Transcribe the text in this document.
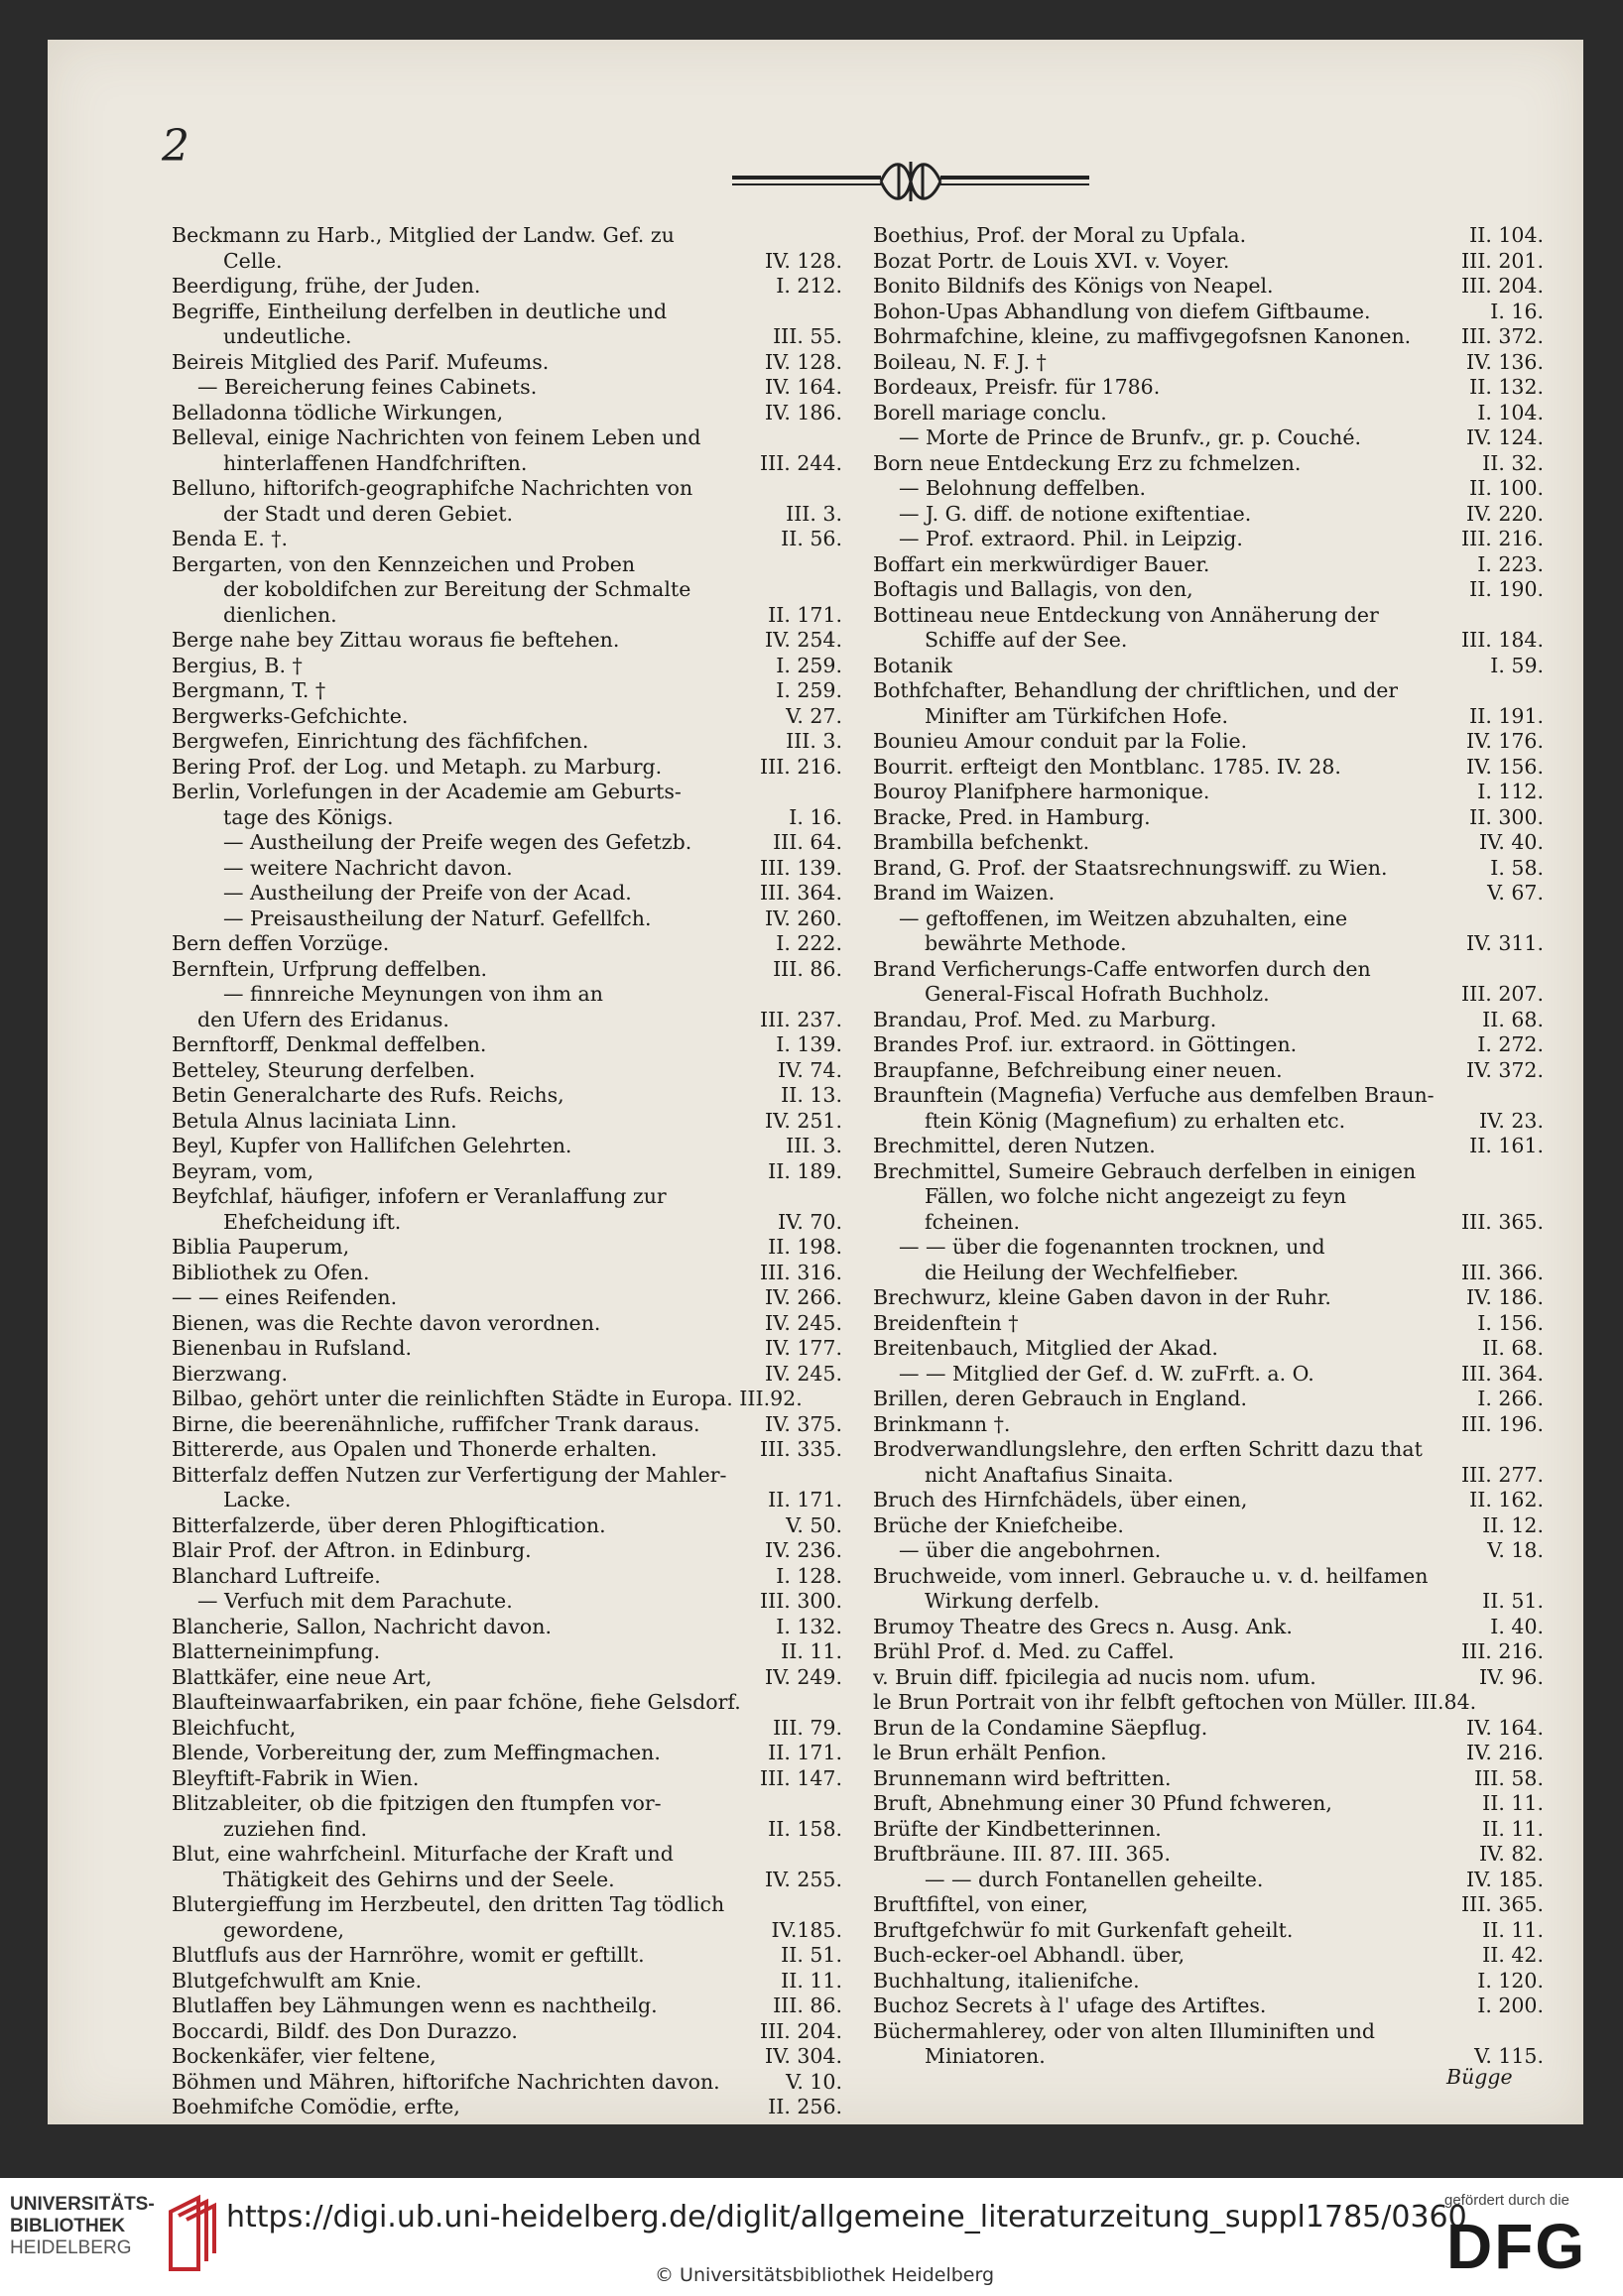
2
Beckmann zu Harb., Mitglied der Landw. Gef. zu
Celle.	IV. 128.
Beerdigung, frühe, der Juden.	I. 212.
Begriffe, Eintheilung derfelben in deutliche und
undeutliche.	III. 55.
Beireis Mitglied des Parif. Mufeums.	IV. 128.
— Bereicherung feines Cabinets.	IV. 164.
Belladonna tödliche Wirkungen,	IV. 186.
Belleval, einige Nachrichten von feinem Leben und
hinterlaffenen Handfchriften.	III. 244.
Belluno, hiftorifch-geographifche Nachrichten von
der Stadt und deren Gebiet.	III. 3.
Benda E. †.	II. 56.
Bergarten, von den Kennzeichen und Proben
der koboldifchen zur Bereitung der Schmalte
dienlichen.	II. 171.
Berge nahe bey Zittau woraus fie beftehen.	IV. 254.
Bergius, B. †	I. 259.
Bergmann, T. †	I. 259.
Bergwerks-Gefchichte.	V. 27.
Bergwefen, Einrichtung des fächfifchen.	III. 3.
Bering Prof. der Log. und Metaph. zu Marburg.	III. 216.
Berlin, Vorlefungen in der Academie am Geburts-
tage des Königs.	I. 16.
— Austheilung der Preife wegen des Gefetzb.	III. 64.
— weitere Nachricht davon.	III. 139.
— Austheilung der Preife von der Acad.	III. 364.
— Preisaustheilung der Naturf. Gefellfch.	IV. 260.
Bern deffen Vorzüge.	I. 222.
Bernftein, Urfprung deffelben.	III. 86.
— finnreiche Meynungen von ihm an
den Ufern des Eridanus.	III. 237.
Bernftorff, Denkmal deffelben.	I. 139.
Betteley, Steurung derfelben.	IV. 74.
Betin Generalcharte des Rufs. Reichs,	II. 13.
Betula Alnus laciniata Linn.	IV. 251.
Beyl, Kupfer von Hallifchen Gelehrten.	III. 3.
Beyram, vom,	II. 189.
Beyfchlaf, häufiger, infofern er Veranlaffung zur
Ehefcheidung ift.	IV. 70.
Biblia Pauperum,	II. 198.
Bibliothek zu Ofen.	III. 316.
— — eines Reifenden.	IV. 266.
Bienen, was die Rechte davon verordnen.	IV. 245.
Bienenbau in Rufsland.	IV. 177.
Bierzwang.	IV. 245.
Bilbao, gehört unter die reinlichften Städte in Europa. III.92.
Birne, die beerenähnliche, ruffifcher Trank daraus.	IV. 375.
Bittererde, aus Opalen und Thonerde erhalten.	III. 335.
Bitterfalz deffen Nutzen zur Verfertigung der Mahler-
Lacke.	II. 171.
Bitterfalzerde, über deren Phlogiftication.	V. 50.
Blair Prof. der Aftron. in Edinburg.	IV. 236.
Blanchard Luftreife.	I. 128.
— Verfuch mit dem Parachute.	III. 300.
Blancherie, Sallon, Nachricht davon.	I. 132.
Blatterneinimpfung.	II. 11.
Blattkäfer, eine neue Art,	IV. 249.
Blaufteinwaarfabriken, ein paar fchöne, fiehe Gelsdorf.
Bleichfucht,	III. 79.
Blende, Vorbereitung der, zum Meffingmachen.	II. 171.
Bleyftift-Fabrik in Wien.	III. 147.
Blitzableiter, ob die fpitzigen den ftumpfen vor-
zuziehen find.	II. 158.
Blut, eine wahrfcheinl. Miturfache der Kraft und
Thätigkeit des Gehirns und der Seele.	IV. 255.
Blutergieffung im Herzbeutel, den dritten Tag tödlich
gewordene,	IV.185.
Blutflufs aus der Harnröhre, womit er geftillt.	II. 51.
Blutgefchwulft am Knie.	II. 11.
Blutlaffen bey Lähmungen wenn es nachtheilg.	III. 86.
Boccardi, Bildf. des Don Durazzo.	III. 204.
Bockenkäfer, vier feltene,	IV. 304.
Böhmen und Mähren, hiftorifche Nachrichten davon.	V. 10.
Boehmifche Comödie, erfte,	II. 256.
Boethius, Prof. der Moral zu Upfala.	II. 104.
Bozat Portr. de Louis XVI. v. Voyer.	III. 201.
Bonito Bildnifs des Königs von Neapel.	III. 204.
Bohon-Upas Abhandlung von diefem Giftbaume.	I. 16.
Bohrmafchine, kleine, zu maffivgegofsnen Kanonen.	III. 372.
Boileau, N. F. J. †	IV. 136.
Bordeaux, Preisfr. für 1786.	II. 132.
Borell mariage conclu.	I. 104.
— Morte de Prince de Brunfv., gr. p. Couché.	IV. 124.
Born neue Entdeckung Erz zu fchmelzen.	II. 32.
— Belohnung deffelben.	II. 100.
— J. G. diff. de notione exiftentiae.	IV. 220.
— Prof. extraord. Phil. in Leipzig.	III. 216.
Boffart ein merkwürdiger Bauer.	I. 223.
Boftagis und Ballagis, von den,	II. 190.
Bottineau neue Entdeckung von Annäherung der
Schiffe auf der See.	III. 184.
Botanik	I. 59.
Bothfchafter, Behandlung der chriftlichen, und der
Minifter am Türkifchen Hofe.	II. 191.
Bounieu Amour conduit par la Folie.	IV. 176.
Bourrit. erfteigt den Montblanc. 1785. IV. 28.	IV. 156.
Bouroy Planifphere harmonique.	I. 112.
Bracke, Pred. in Hamburg.	II. 300.
Brambilla befchenkt.	IV. 40.
Brand, G. Prof. der Staatsrechnungswiff. zu Wien.	I. 58.
Brand im Waizen.	V. 67.
— geftoffenen, im Weitzen abzuhalten, eine
bewährte Methode.	IV. 311.
Brand Verficherungs-Caffe entworfen durch den
General-Fiscal Hofrath Buchholz.	III. 207.
Brandau, Prof. Med. zu Marburg.	II. 68.
Brandes Prof. iur. extraord. in Göttingen.	I. 272.
Braupfanne, Befchreibung einer neuen.	IV. 372.
Braunftein (Magnefia) Verfuche aus demfelben Braun-
ftein König (Magnefium) zu erhalten etc.	IV. 23.
Brechmittel, deren Nutzen.	II. 161.
Brechmittel, Sumeire Gebrauch derfelben in einigen
Fällen, wo folche nicht angezeigt zu feyn
fcheinen.	III. 365.
— — über die fogenannten trocknen, und
die Heilung der Wechfelfieber.	III. 366.
Brechwurz, kleine Gaben davon in der Ruhr.	IV. 186.
Breidenftein †	I. 156.
Breitenbauch, Mitglied der Akad.	II. 68.
— — Mitglied der Gef. d. W. zuFrft. a. O.	III. 364.
Brillen, deren Gebrauch in England.	I. 266.
Brinkmann †.	III. 196.
Brodverwandlungslehre, den erften Schritt dazu that
nicht Anaftafius Sinaita.	III. 277.
Bruch des Hirnfchädels, über einen,	II. 162.
Brüche der Kniefcheibe.	II. 12.
— über die angebohrnen.	V. 18.
Bruchweide, vom innerl. Gebrauche u. v. d. heilfamen
Wirkung derfelb.	II. 51.
Brumoy Theatre des Grecs n. Ausg. Ank.	I. 40.
Brühl Prof. d. Med. zu Caffel.	III. 216.
v. Bruin diff. fpicilegia ad nucis nom. ufum.	IV. 96.
le Brun Portrait von ihr felbft geftochen von Müller. III.84.
Brun de la Condamine Säepflug.	IV. 164.
le Brun erhält Penfion.	IV. 216.
Brunnemann wird beftritten.	III. 58.
Bruft, Abnehmung einer 30 Pfund fchweren,	II. 11.
Brüfte der Kindbetterinnen.	II. 11.
Bruftbräune. III. 87. III. 365.	IV. 82.
— — durch Fontanellen geheilte.	IV. 185.
Bruftfiftel, von einer,	III. 365.
Bruftgefchwür fo mit Gurkenfaft geheilt.	II. 11.
Buch-ecker-oel Abhandl. über,	II. 42.
Buchhaltung, italienifche.	I. 120.
Buchoz Secrets à l' ufage des Artiftes.	I. 200.
Büchermahlerey, oder von alten Illuminiften und
Miniatoren.	V. 115.
Bügge
UNIVERSITÄTS-
BIBLIOTHEK
HEIDELBERG
https://digi.ub.uni-heidelberg.de/diglit/allgemeine_literaturzeitung_suppl1785/0360
© Universitätsbibliothek Heidelberg
gefördert durch die
DFG
